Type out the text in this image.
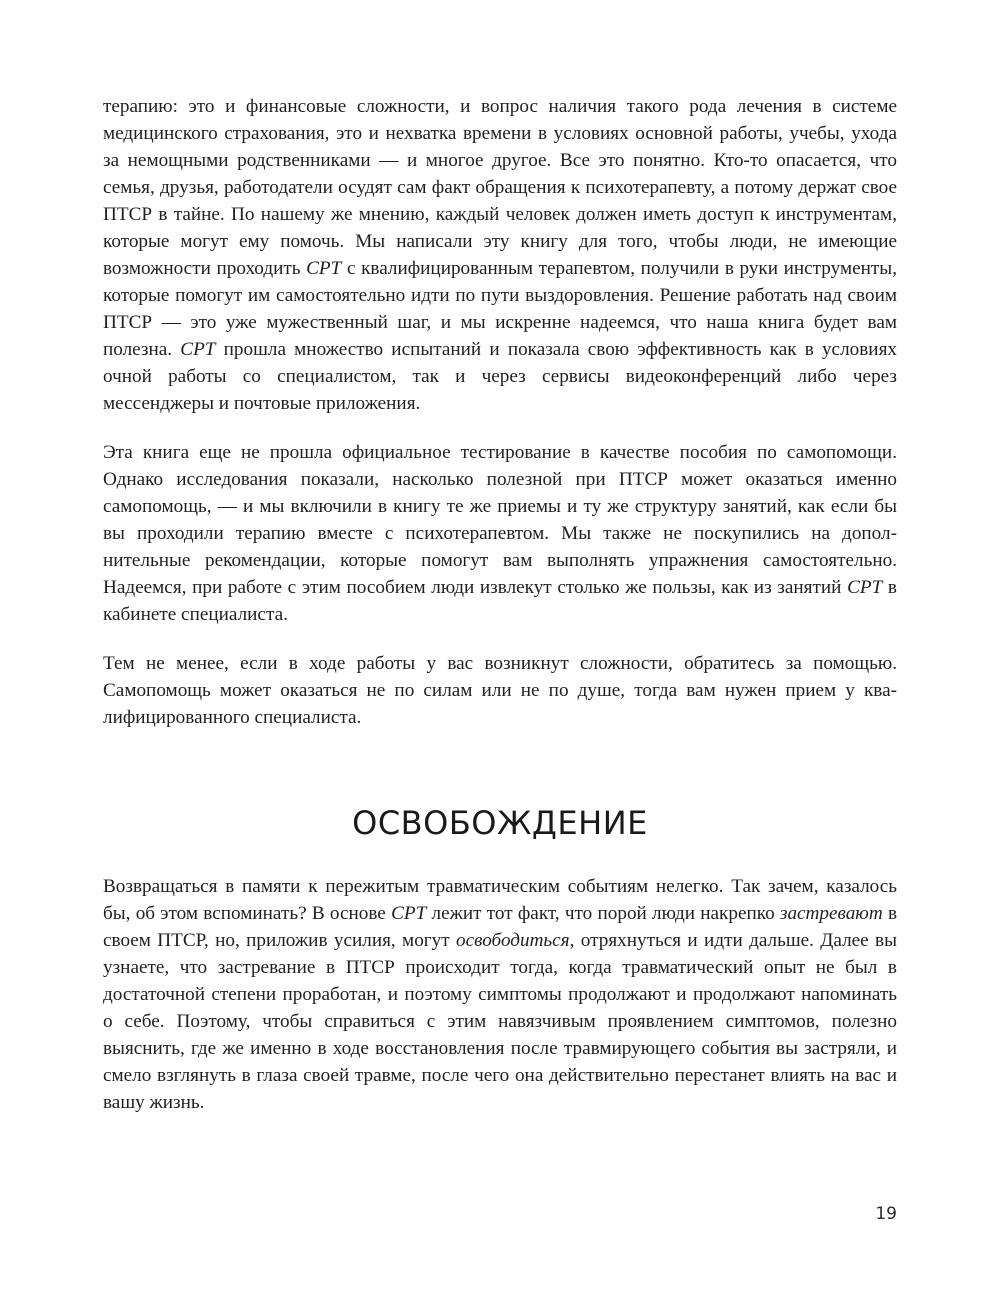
терапию: это и финансовые сложности, и вопрос наличия такого рода лечения в системе медицинского страхования, это и нехватка времени в условиях основной работы, учебы, ухода за немощными родственниками — и многое другое. Все это понятно. Кто-то опасается, что семья, друзья, работодатели осудят сам факт обращения к психотерапевту, а потому держат свое ПТСР в тайне. По нашему же мнению, каждый человек должен иметь доступ к инструментам, которые могут ему помочь. Мы написали эту книгу для того, чтобы люди, не имеющие возможности проходить CPT с квалифицированным терапевтом, получили в руки инструменты, которые помогут им самостоятельно идти по пути выздоровления. Решение работать над своим ПТСР — это уже мужественный шаг, и мы искренне надеемся, что наша книга будет вам полезна. CPT прошла множество испытаний и показала свою эффективность как в условиях очной работы со специалистом, так и через сервисы видеоконференций либо через мессенджеры и почтовые приложения.

Эта книга еще не прошла официальное тестирование в качестве пособия по самопомощи. Однако исследования показали, насколько полезной при ПТСР может оказаться именно самопомощь, — и мы включили в книгу те же приемы и ту же структуру занятий, как если бы вы проходили терапию вместе с психотерапевтом. Мы также не поскупились на дополнительные рекомендации, которые помогут вам выполнять упражнения самостоятельно. Надеемся, при работе с этим пособием люди извлекут столько же пользы, как из занятий CPT в кабинете специалиста.

Тем не менее, если в ходе работы у вас возникнут сложности, обратитесь за помощью. Самопомощь может оказаться не по силам или не по душе, тогда вам нужен прием у квалифицированного специалиста.

ОСВОБОЖДЕНИЕ

Возвращаться в памяти к пережитым травматическим событиям нелегко. Так зачем, казалось бы, об этом вспоминать? В основе CPT лежит тот факт, что порой люди накрепко застревают в своем ПТСР, но, приложив усилия, могут освободиться, отряхнуться и идти дальше. Далее вы узнаете, что застревание в ПТСР происходит тогда, когда травматический опыт не был в достаточной степени проработан, и поэтому симптомы продолжают и продолжают напоминать о себе. Поэтому, чтобы справиться с этим навязчивым проявлением симптомов, полезно выяснить, где же именно в ходе восстановления после травмирующего события вы застряли, и смело взглянуть в глаза своей травме, после чего она действительно перестанет влиять на вас и вашу жизнь.

19
